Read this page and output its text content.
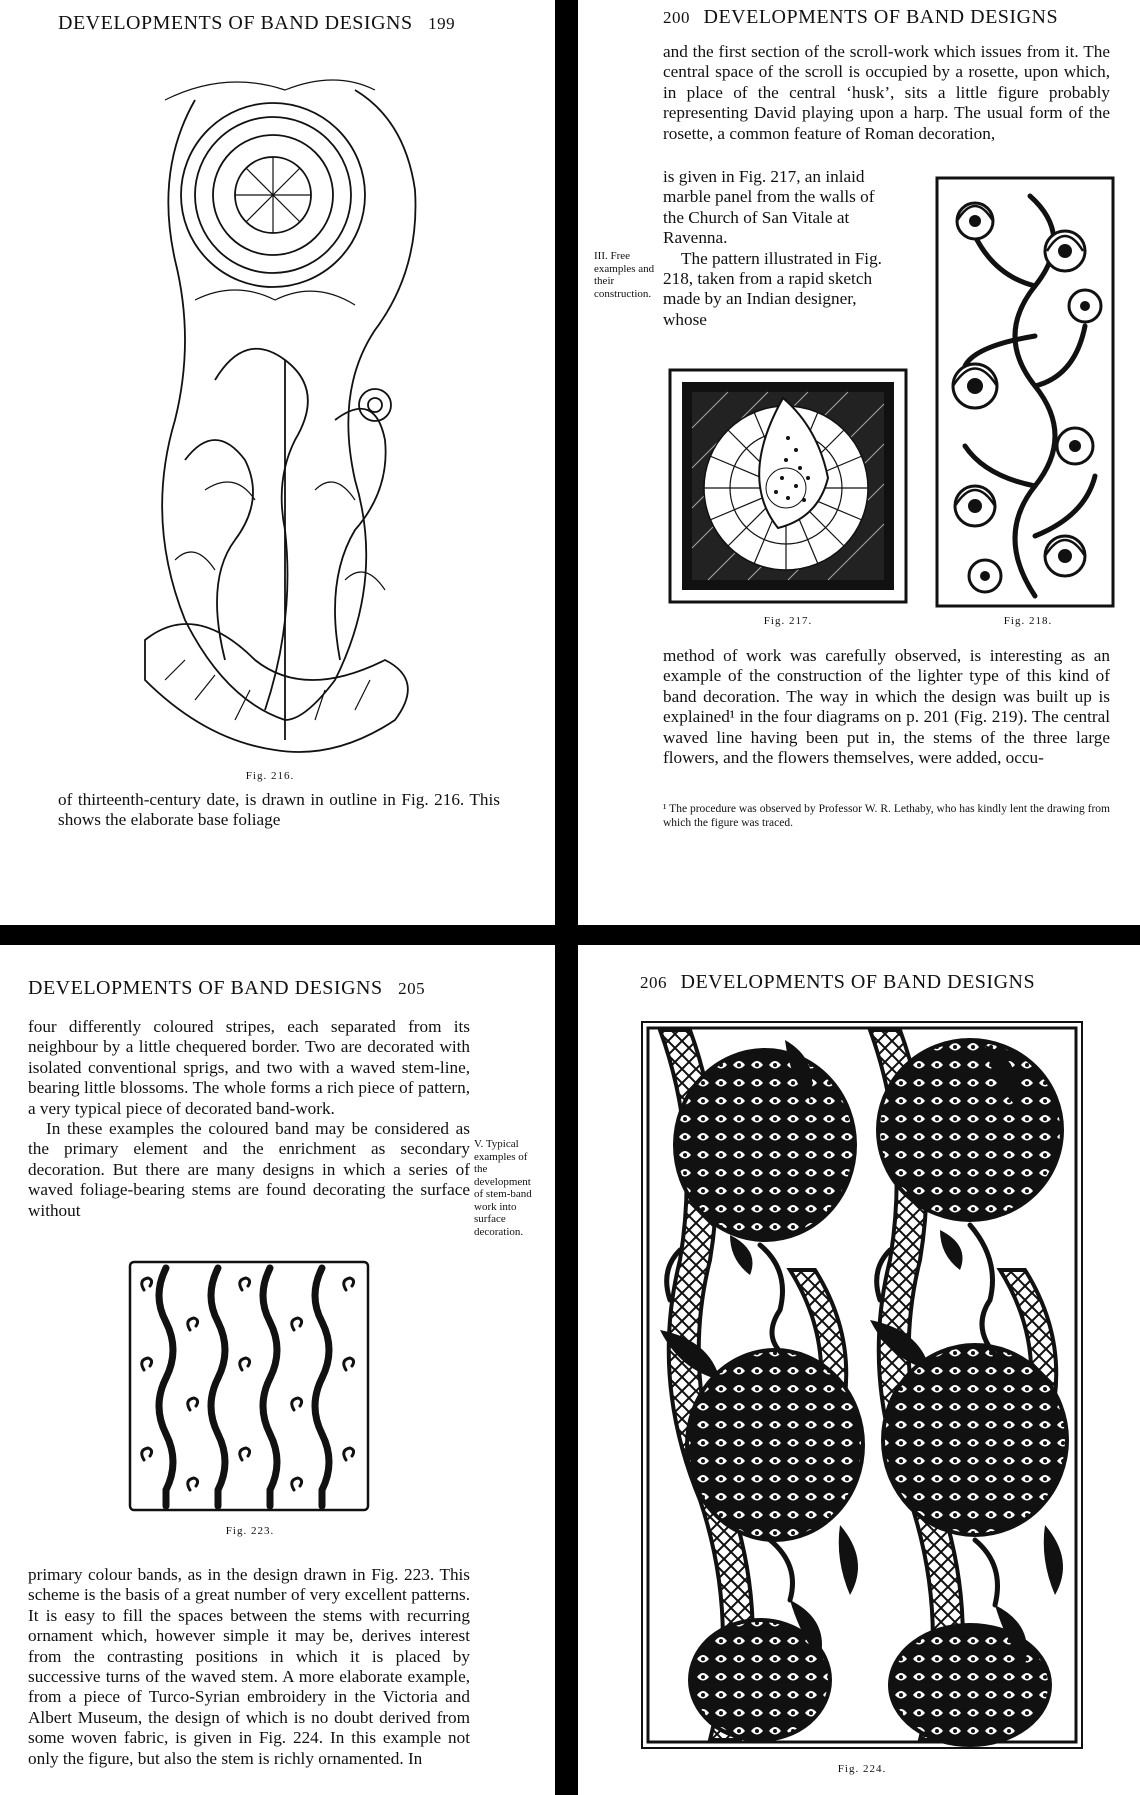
DEVELOPMENTS OF BAND DESIGNS 199
Fig. 216.

of thirteenth-century date, is drawn in outline in Fig. 216. This shows the elaborate base foliage

200 DEVELOPMENTS OF BAND DESIGNS

and the first section of the scroll-work which issues from it. The central space of the scroll is occupied by a rosette, upon which, in place of the central ‘husk’, sits a little figure probably representing David playing upon a harp. The usual form of the rosette, a common feature of Roman decoration,

is given in Fig. 217, an inlaid marble panel from the walls of the Church of San Vitale at Ravenna.

The pattern illustrated in Fig. 218, taken from a rapid sketch made by an Indian designer, whose

III. Free examples and their construction.
Fig. 217.	Fig. 218.

method of work was carefully observed, is interesting as an example of the construction of the lighter type of this kind of band decoration. The way in which the design was built up is explained¹ in the four diagrams on p. 201 (Fig. 219). The central waved line having been put in, the stems of the three large flowers, and the flowers themselves, were added, occu-

¹ The procedure was observed by Professor W. R. Lethaby, who has kindly lent the drawing from which the figure was traced.
DEVELOPMENTS OF BAND DESIGNS 205

four differently coloured stripes, each separated from its neighbour by a little chequered border. Two are decorated with isolated conventional sprigs, and two with a waved stem-line, bearing little blossoms. The whole forms a rich piece of pattern, a very typical piece of decorated band-work.

In these examples the coloured band may be considered as the primary element and the enrichment as secondary decoration. But there are many designs in which a series of waved foliage-bearing stems are found decorating the surface without

V. Typical examples of the development of stem-band work into surface decoration.
Fig. 223.

primary colour bands, as in the design drawn in Fig. 223. This scheme is the basis of a great number of very excellent patterns. It is easy to fill the spaces between the stems with recurring ornament which, however simple it may be, derives interest from the contrasting positions in which it is placed by successive turns of the waved stem. A more elaborate example, from a piece of Turco-Syrian embroidery in the Victoria and Albert Museum, the design of which is no doubt derived from some woven fabric, is given in Fig. 224. In this example not only the figure, but also the stem is richly ornamented. In

206 DEVELOPMENTS OF BAND DESIGNS
Fig. 224.
